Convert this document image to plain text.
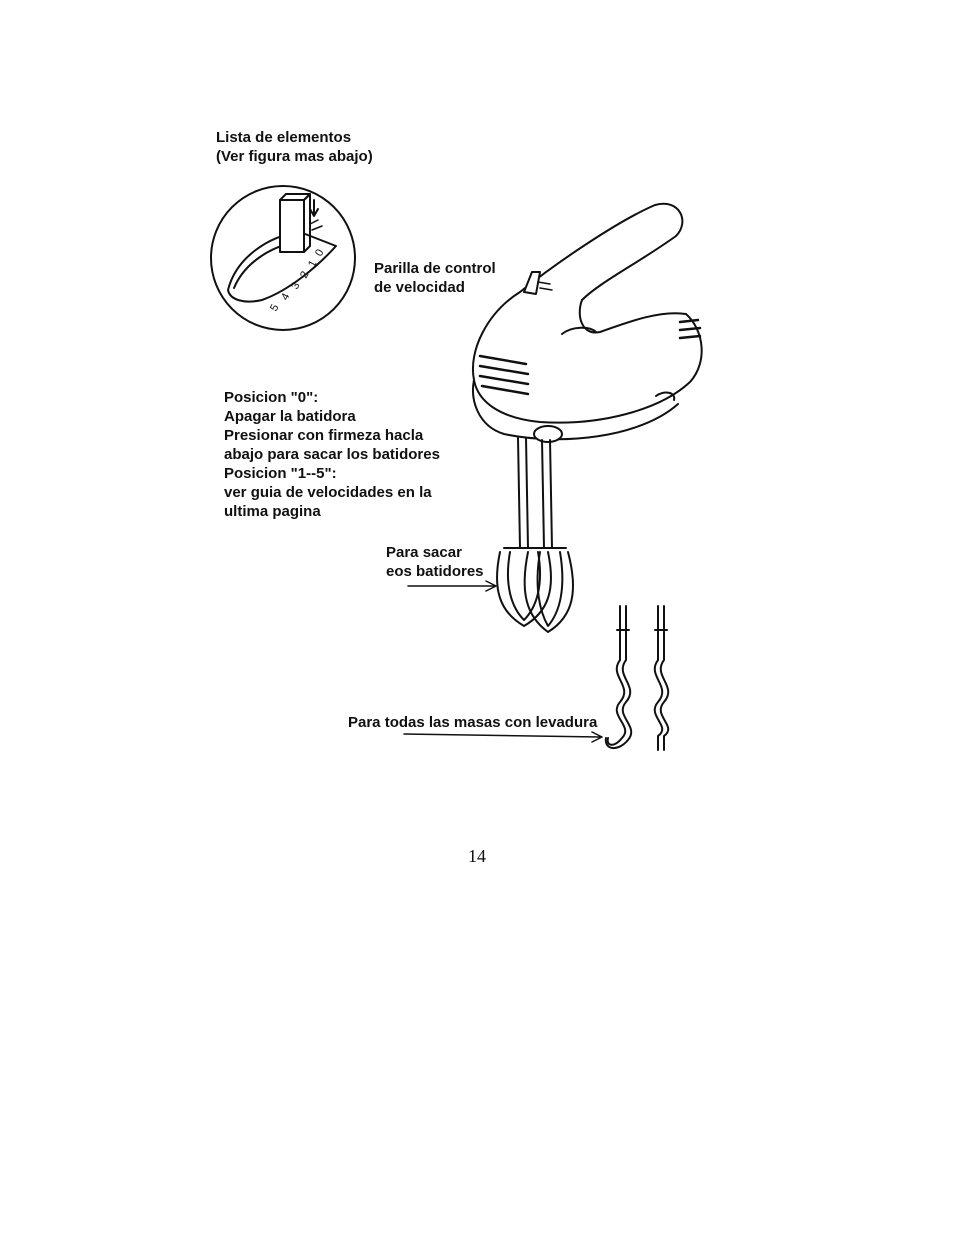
5
4
3
2
1
0
Lista de elementos
(Ver figura mas abajo)
Parilla de control
de velocidad
Posicion "0":
Apagar la batidora
Presionar con firmeza hacla
abajo para sacar los batidores
Posicion "1--5":
ver guia de velocidades en la
ultima pagina
Para sacar
eos batidores
Para todas las masas con levadura
14
